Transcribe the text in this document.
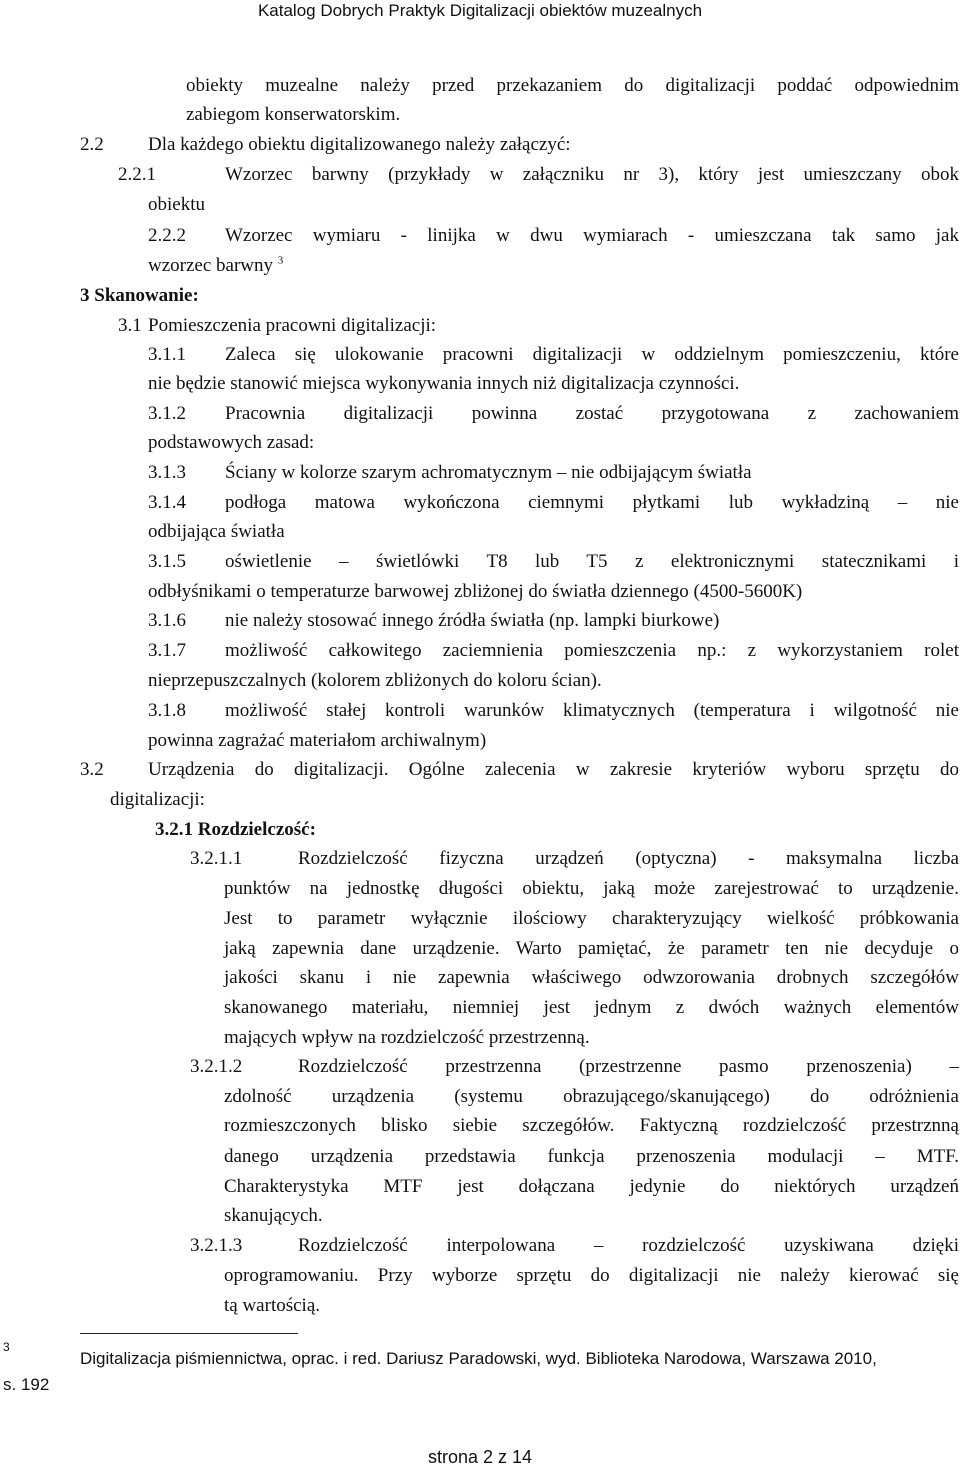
Katalog Dobrych Praktyk Digitalizacji obiektów muzealnych
obiekty muzealne należy przed przekazaniem do digitalizacji poddać odpowiednim
zabiegom konserwatorskim.
2.2 Dla każdego obiektu digitalizowanego należy załączyć:
2.2.1	Wzorzec barwny (przykłady w załączniku nr 3), który jest umieszczany obok
obiektu
2.2.2 Wzorzec wymiaru - linijka w dwu wymiarach - umieszczana tak samo jak
wzorzec barwny $^3$
3 Skanowanie:
3.1 Pomieszczenia pracowni digitalizacji:
3.1.1 Zaleca się ulokowanie pracowni digitalizacji w oddzielnym pomieszczeniu, które
nie będzie stanowić miejsca wykonywania innych niż digitalizacja czynności.
3.1.2 Pracownia digitalizacji powinna zostać przygotowana z zachowaniem
podstawowych zasad:
3.1.3 Ściany w kolorze szarym achromatycznym – nie odbijającym światła
3.1.4 podłoga matowa wykończona ciemnymi płytkami lub wykładziną – nie
odbijająca światła
3.1.5 oświetlenie – świetlówki T8 lub T5 z elektronicznymi statecznikami i
odbłyśnikami o temperaturze barwowej zbliżonej do światła dziennego (4500-5600K)
3.1.6 nie należy stosować innego źródła światła (np. lampki biurkowe)
3.1.7 możliwość całkowitego zaciemnienia pomieszczenia np.: z wykorzystaniem rolet
nieprzepuszczalnych (kolorem zbliżonych do koloru ścian).
3.1.8 możliwość stałej kontroli warunków klimatycznych (temperatura i wilgotność nie
powinna zagrażać materiałom archiwalnym)
3.2 Urządzenia do digitalizacji. Ogólne zalecenia w zakresie kryteriów wyboru sprzętu do
digitalizacji:
3.2.1 Rozdzielczość:
3.2.1.1	Rozdzielczość fizyczna urządzeń (optyczna) - maksymalna liczba
punktów na jednostkę długości obiektu, jaką może zarejestrować to urządzenie.
Jest to parametr wyłącznie ilościowy charakteryzujący wielkość próbkowania
jaką zapewnia dane urządzenie. Warto pamiętać, że parametr ten nie decyduje o
jakości skanu i nie zapewnia właściwego odwzorowania drobnych szczegółów
skanowanego materiału, niemniej jest jednym z dwóch ważnych elementów
mających wpływ na rozdzielczość przestrzenną.
3.2.1.2	Rozdzielczość przestrzenna (przestrzenne pasmo przenoszenia) –
zdolność urządzenia (systemu obrazującego/skanującego) do odróżnienia
rozmieszczonych blisko siebie szczegółów. Faktyczną rozdzielczość przestrznną
danego urządzenia przedstawia funkcja przenoszenia modulacji – MTF.
Charakterystyka MTF jest dołączana jedynie do niektórych urządzeń
skanujących.
3.2.1.3	Rozdzielczość interpolowana – rozdzielczość uzyskiwana dzięki
oprogramowaniu. Przy wyborze sprzętu do digitalizacji nie należy kierować się
tą wartością.
3
Digitalizacja piśmiennictwa, oprac. i red. Dariusz Paradowski, wyd. Biblioteka Narodowa, Warszawa 2010,
s. 192
strona 2 z 14
